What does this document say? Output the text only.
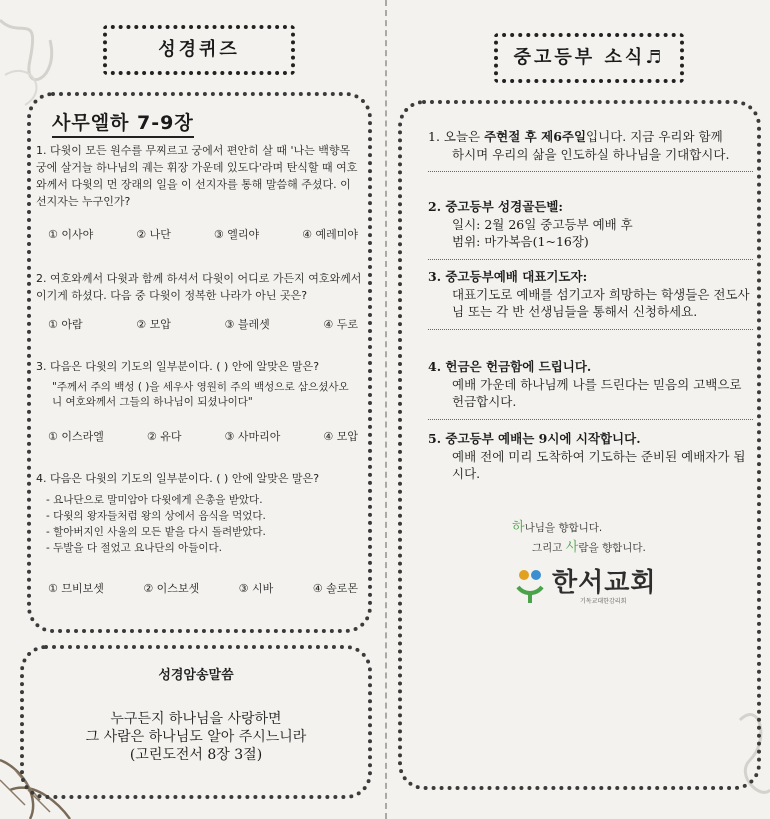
성경퀴즈	중고등부 소식♬
사무엘하 7-9장
1. 다윗이 모든 원수를 무찌르고 궁에서 편안히 살 때 '나는 백향목 궁에 살거늘 하나님의 궤는 휘장 가운데 있도다'라며 탄식할 때 여호와께서 다윗의 먼 장래의 일을 이 선지자를 통해 말씀해 주셨다. 이 선지자는 누구인가?
① 이사야	② 나단	③ 엘리야	④ 예레미야
2. 여호와께서 다윗과 함께 하셔서 다윗이 어디로 가든지 여호와께서 이기게 하셨다. 다음 중 다윗이 정복한 나라가 아닌 곳은?
① 아람	② 모압	③ 블레셋	④ 두로
3. 다음은 다윗의 기도의 일부분이다. ( ) 안에 알맞은 말은?
"주께서 주의 백성 ( )을 세우사 영원히 주의 백성으로 삼으셨사오니 여호와께서 그들의 하나님이 되셨나이다"
① 이스라엘	② 유다	③ 사마리아	④ 모압
4. 다음은 다윗의 기도의 일부분이다. ( ) 안에 알맞은 말은?
- 요나단으로 말미암아 다윗에게 은총을 받았다.
- 다윗의 왕자들처럼 왕의 상에서 음식을 먹었다.
- 할아버지인 사울의 모든 밭을 다시 돌려받았다.
- 두발을 다 절었고 요나단의 아들이다.
① 므비보셋	② 이스보셋	③ 시바	④ 솔로몬
성경암송말씀
누구든지 하나님을 사랑하면
그 사람은 하나님도 알아 주시느니라
(고린도전서 8장 3절)
1. 오늘은 주현절 후 제6주일입니다. 지금 우리와 함께
하시며 우리의 삶을 인도하실 하나님을 기대합시다.
2. 중고등부 성경골든벨:
일시: 2월 26일 중고등부 예배 후
범위: 마가복음(1~16장)
3. 중고등부예배 대표기도자:
대표기도로 예배를 섬기고자 희망하는 학생들은 전도사님 또는 각 반 선생님들을 통해서 신청하세요.
4. 헌금은 헌금함에 드립니다.
예배 가운데 하나님께 나를 드린다는 믿음의 고백으로 헌금합시다.
5. 중고등부 예배는 9시에 시작합니다.
예배 전에 미리 도착하여 기도하는 준비된 예배자가 됩시다.
하나님을 향합니다.
그리고 사람을 향합니다.
한서교회
기독교대한감리회
